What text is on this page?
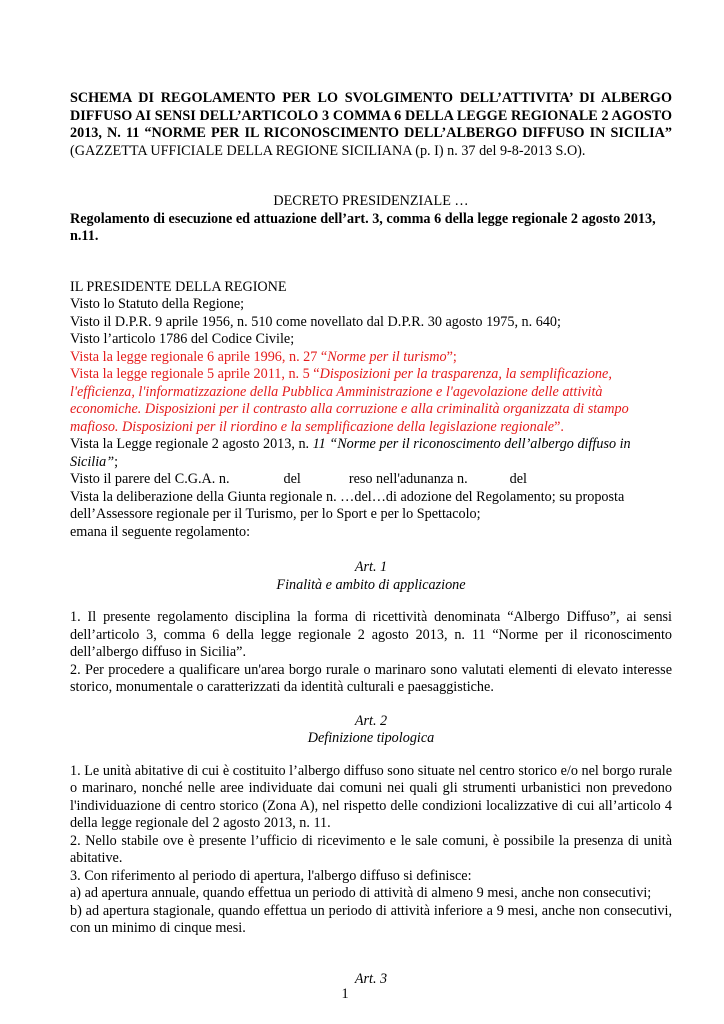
SCHEMA DI REGOLAMENTO PER LO SVOLGIMENTO DELL’ATTIVITA’ DI ALBERGO DIFFUSO AI SENSI DELL’ARTICOLO 3 COMMA 6 DELLA LEGGE REGIONALE 2 AGOSTO 2013, N. 11 “NORME PER IL RICONOSCIMENTO DELL’ALBERGO DIFFUSO IN SICILIA” (GAZZETTA UFFICIALE DELLA REGIONE SICILIANA (p. I) n. 37 del 9-8-2013 S.O).

DECRETO PRESIDENZIALE …

Regolamento di esecuzione ed attuazione dell’art. 3, comma 6 della legge regionale 2 agosto 2013, n.11.

IL PRESIDENTE DELLA REGIONE

Visto lo Statuto della Regione;

Visto il D.P.R. 9 aprile 1956, n. 510 come novellato dal D.P.R. 30 agosto 1975, n. 640;

Visto l’articolo 1786 del Codice Civile;

Vista la legge regionale 6 aprile 1996, n. 27 “Norme per il turismo”;

Vista la legge regionale 5 aprile 2011, n. 5 “Disposizioni per la trasparenza, la semplificazione, l'efficienza, l'informatizzazione della Pubblica Amministrazione e l'agevolazione delle attività economiche. Disposizioni per il contrasto alla corruzione e alla criminalità organizzata di stampo mafioso. Disposizioni per il riordino e la semplificazione della legislazione regionale”.

Vista la Legge regionale 2 agosto 2013, n. 11 “Norme per il riconoscimento dell’albergo diffuso in Sicilia”;

Visto il parere del C.G.A. n.	del	reso nell'adunanza n.	del

Vista la deliberazione della Giunta regionale n. …del…di adozione del Regolamento; su proposta dell’Assessore regionale per il Turismo, per lo Sport e per lo Spettacolo;

emana il seguente regolamento:

Art. 1

Finalità e ambito di applicazione

1. Il presente regolamento disciplina la forma di ricettività denominata “Albergo Diffuso”, ai sensi dell’articolo 3, comma 6 della legge regionale 2 agosto 2013, n. 11 “Norme per il riconoscimento dell’albergo diffuso in Sicilia”.

2. Per procedere a qualificare un'area borgo rurale o marinaro sono valutati elementi di elevato interesse storico, monumentale o caratterizzati da identità culturali e paesaggistiche.

Art. 2

Definizione tipologica

1. Le unità abitative di cui è costituito l’albergo diffuso sono situate nel centro storico e/o nel borgo rurale o marinaro, nonché nelle aree individuate dai comuni nei quali gli strumenti urbanistici non prevedono l'individuazione di centro storico (Zona A), nel rispetto delle condizioni localizzative di cui all’articolo 4 della legge regionale del 2 agosto 2013, n. 11.

2. Nello stabile ove è presente l’ufficio di ricevimento e le sale comuni, è possibile la presenza di unità abitative.

3. Con riferimento al periodo di apertura, l'albergo diffuso si definisce:

a) ad apertura annuale, quando effettua un periodo di attività di almeno 9 mesi, anche non consecutivi;

b) ad apertura stagionale, quando effettua un periodo di attività inferiore a 9 mesi, anche non consecutivi, con un minimo di cinque mesi.

Art. 3

1
